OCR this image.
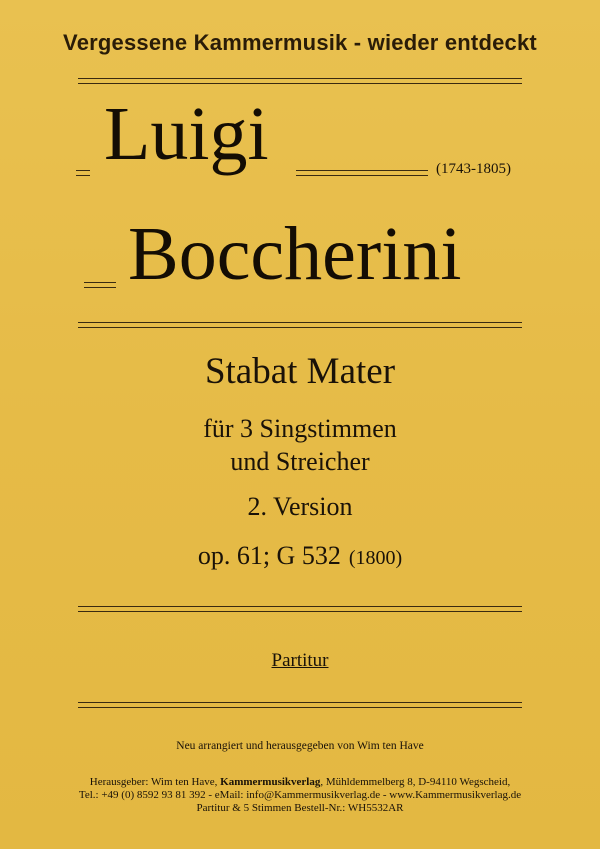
Vergessene Kammermusik - wieder entdeckt
Luigi	(1743-1805)
Boccherini
Stabat Mater
für 3 Singstimmen
und Streicher
2. Version
op. 61; G 532 (1800)
Partitur
Neu arrangiert und herausgegeben von Wim ten Have
Herausgeber: Wim ten Have, Kammermusikverlag, Mühldemmelberg 8, D-94110 Wegscheid,
Tel.: +49 (0) 8592 93 81 392 - eMail: info@Kammermusikverlag.de - www.Kammermusikverlag.de
Partitur & 5 Stimmen Bestell-Nr.: WH5532AR
